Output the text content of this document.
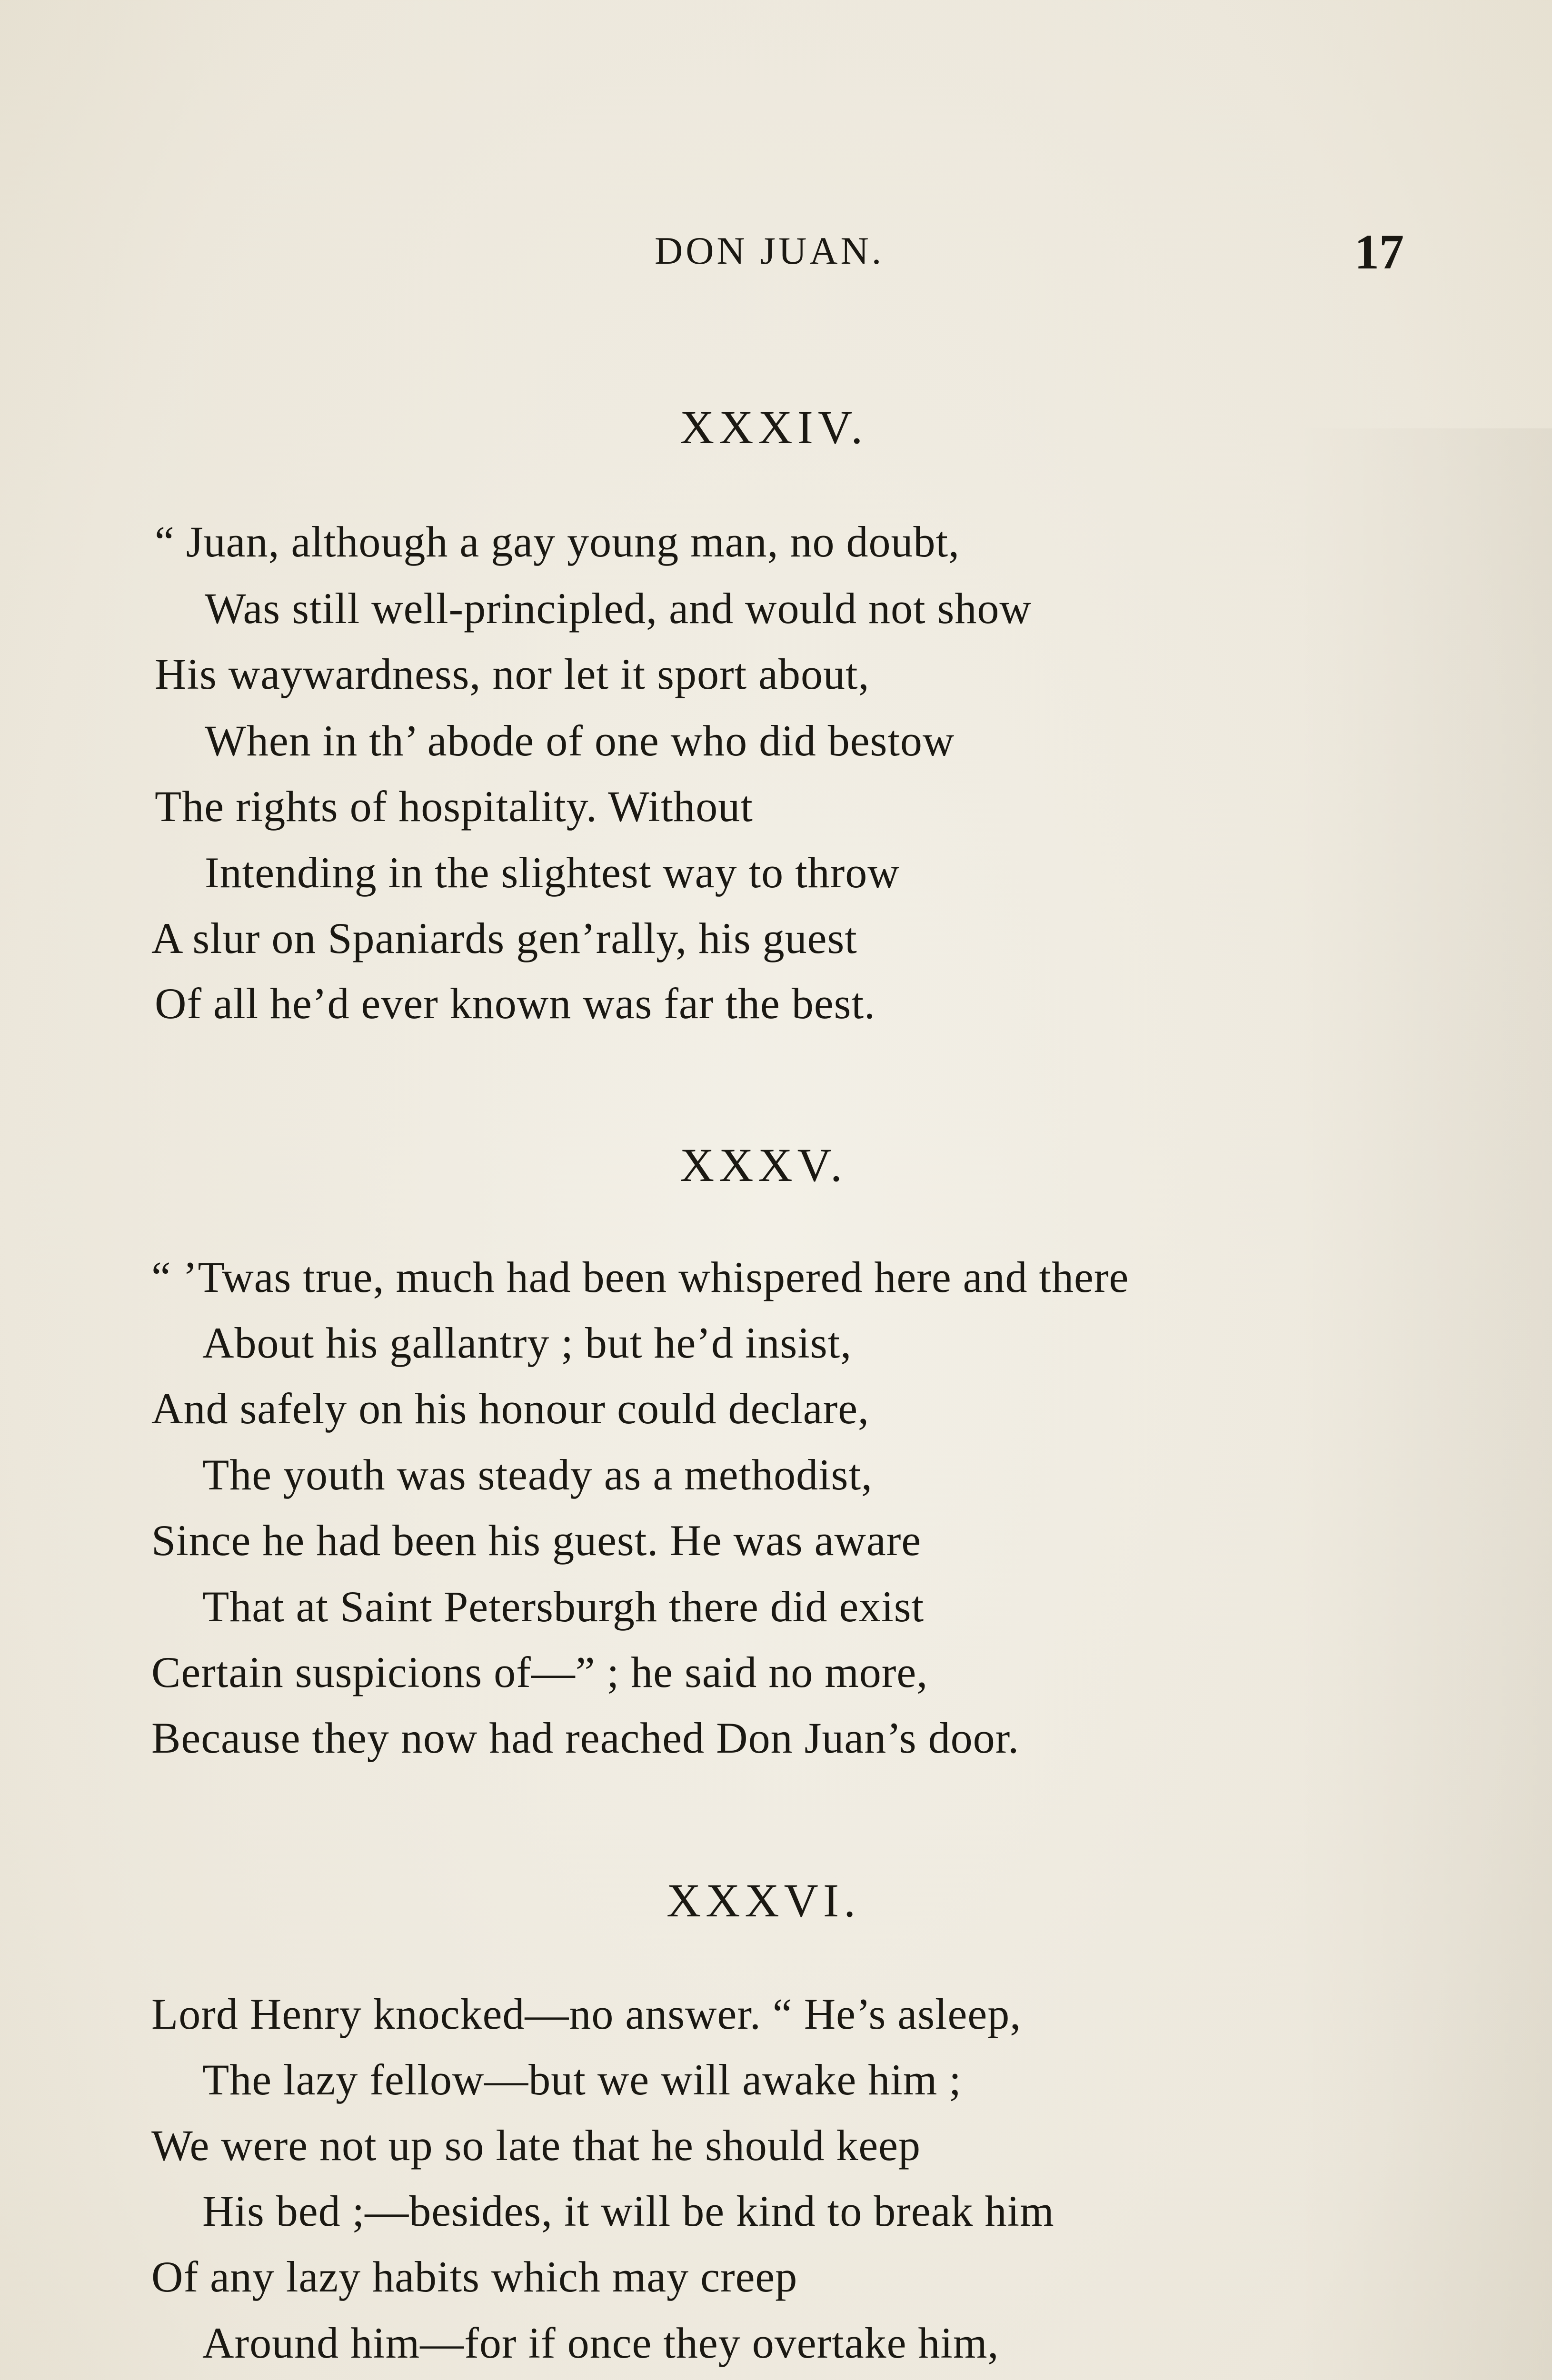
DON JUAN.	17
XXXIV.
“ Juan, although a gay young man, no doubt,
Was still well-principled, and would not show
His waywardness, nor let it sport about,
When in th’ abode of one who did bestow
The rights of hospitality. Without
Intending in the slightest way to throw
A slur on Spaniards gen’rally, his guest
Of all he’d ever known was far the best.
XXXV.
“ ’Twas true, much had been whispered here and there
About his gallantry ; but he’d insist,
And safely on his honour could declare,
The youth was steady as a methodist,
Since he had been his guest. He was aware
That at Saint Petersburgh there did exist
Certain suspicions of—” ; he said no more,
Because they now had reached Don Juan’s door.
XXXVI.
Lord Henry knocked—no answer. “ He’s asleep,
The lazy fellow—but we will awake him ;
We were not up so late that he should keep
His bed ;—besides, it will be kind to break him
Of any lazy habits which may creep
Around him—for if once they overtake him,
